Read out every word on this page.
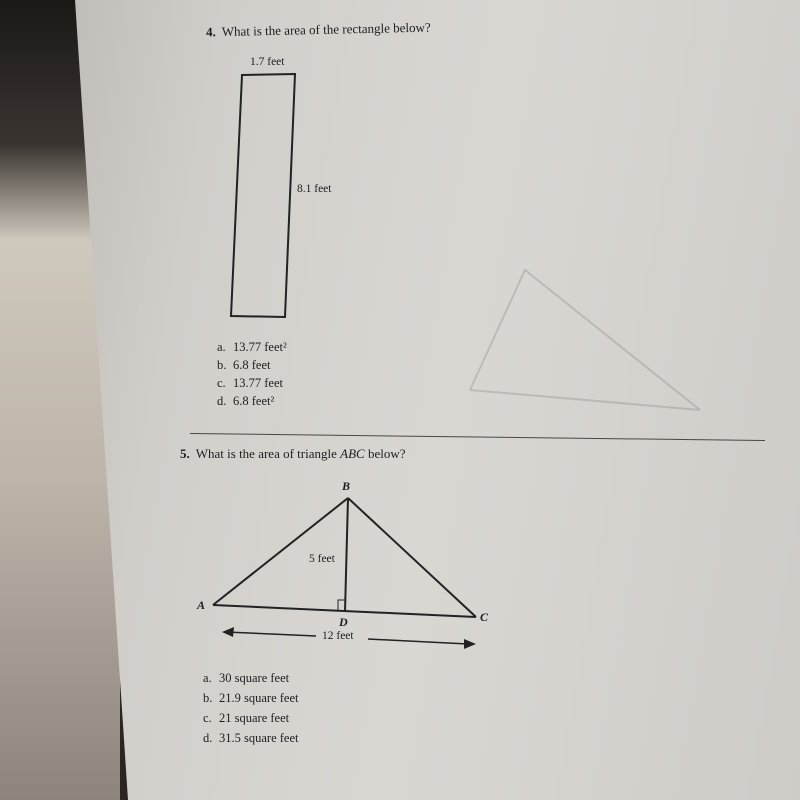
4. What is the area of the rectangle below?
1.7 feet
8.1 feet
a. 13.77 feet²
b. 6.8 feet
c. 13.77 feet
d. 6.8 feet²
5. What is the area of triangle ABC below?
B
A
C
D
5 feet
12 feet
a. 30 square feet
b. 21.9 square feet
c. 21 square feet
d. 31.5 square feet
